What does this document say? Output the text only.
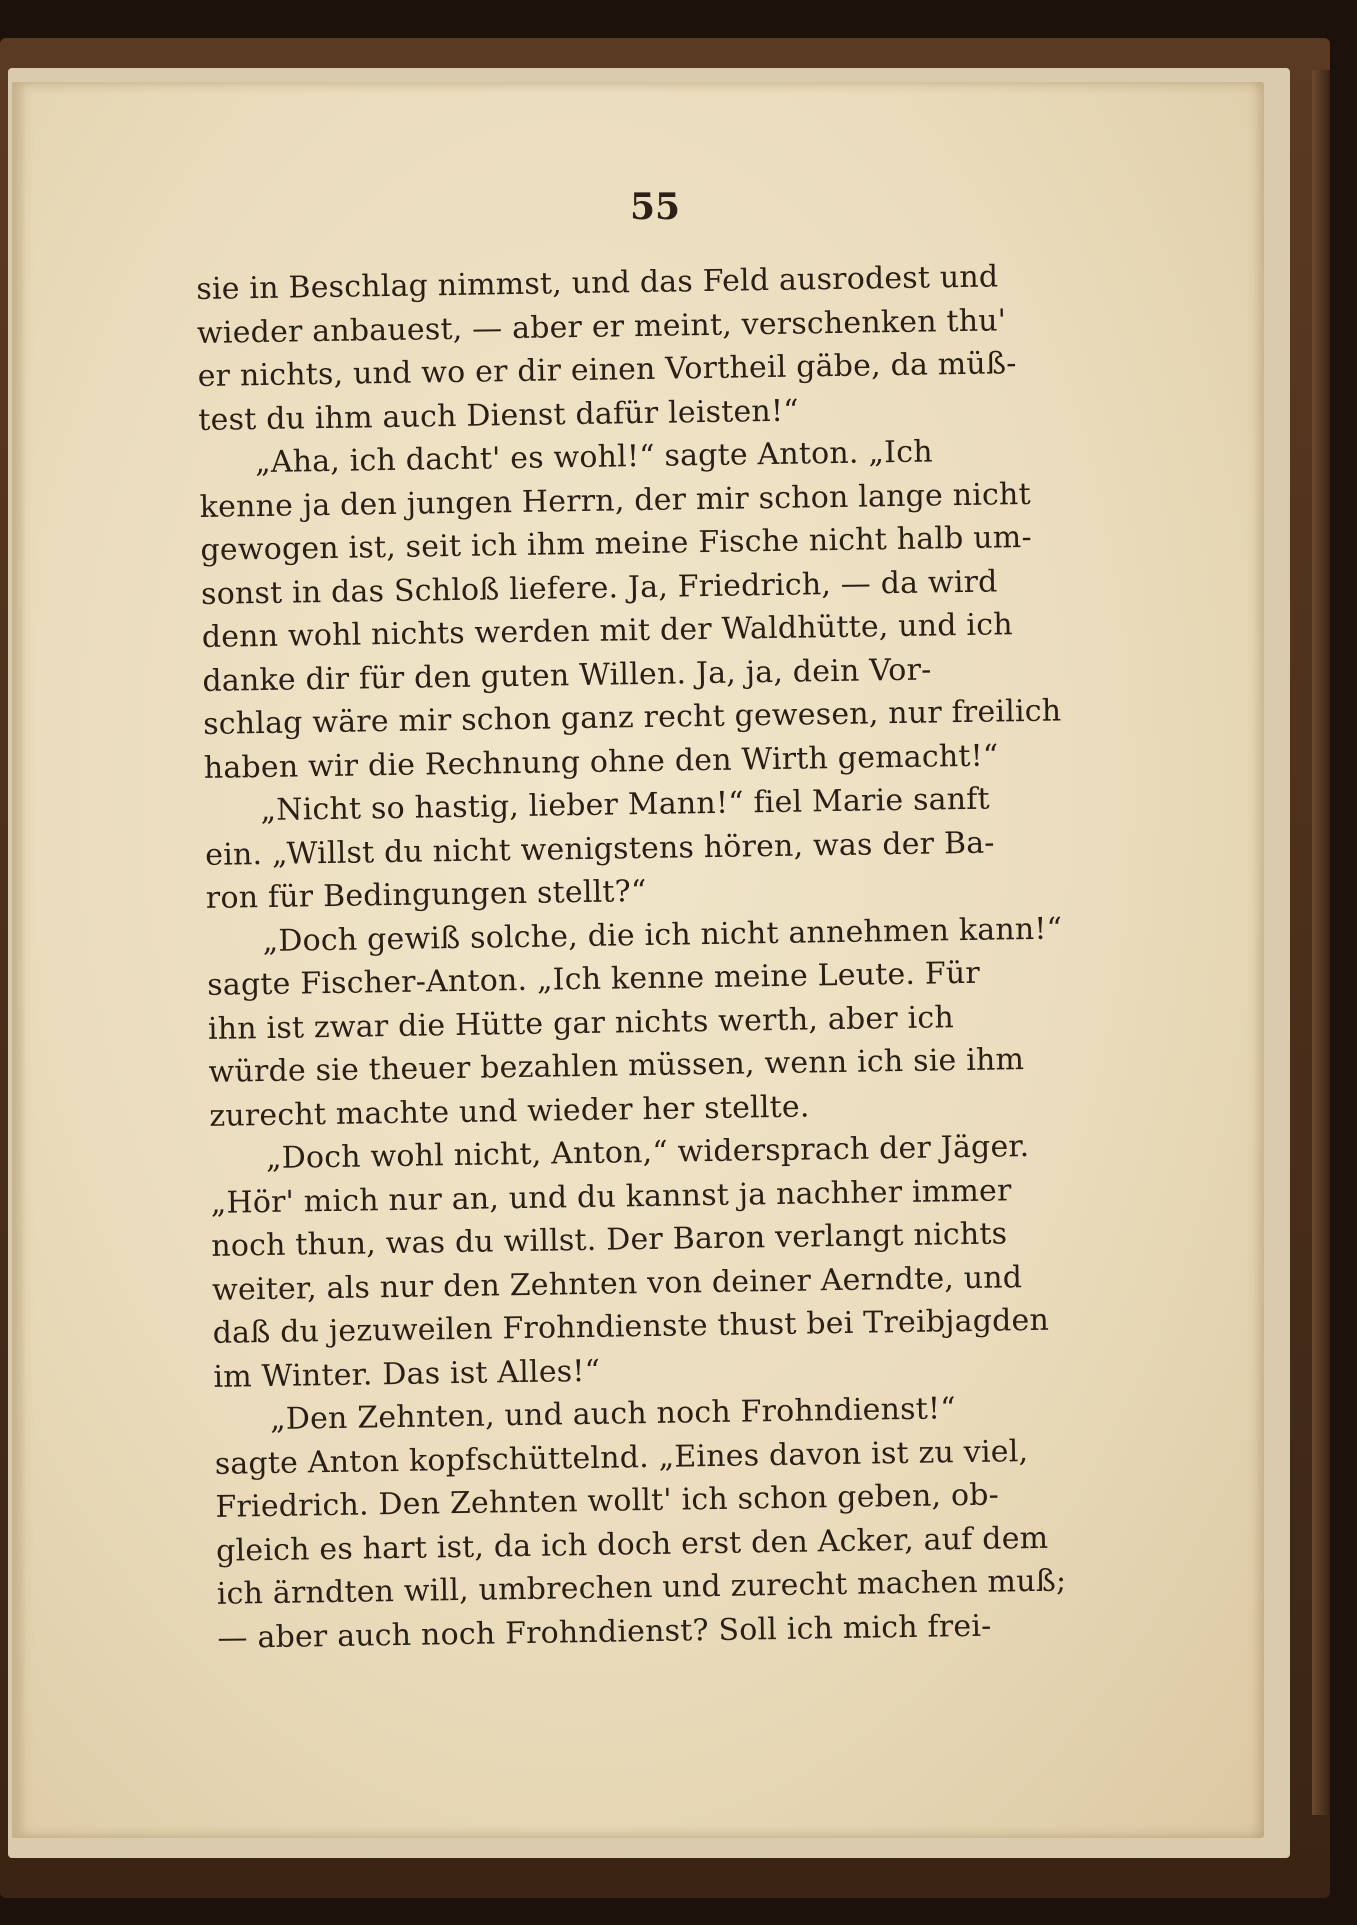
55
sie in Beschlag nimmst, und das Feld ausrodest und
wieder anbauest, — aber er meint, verschenken thu'
er nichts, und wo er dir einen Vortheil gäbe, da müß-
test du ihm auch Dienst dafür leisten!“
„Aha, ich dacht' es wohl!“ sagte Anton. „Ich
kenne ja den jungen Herrn, der mir schon lange nicht
gewogen ist, seit ich ihm meine Fische nicht halb um-
sonst in das Schloß liefere. Ja, Friedrich, — da wird
denn wohl nichts werden mit der Waldhütte, und ich
danke dir für den guten Willen. Ja, ja, dein Vor-
schlag wäre mir schon ganz recht gewesen, nur freilich
haben wir die Rechnung ohne den Wirth gemacht!“
„Nicht so hastig, lieber Mann!“ fiel Marie sanft
ein. „Willst du nicht wenigstens hören, was der Ba-
ron für Bedingungen stellt?“
„Doch gewiß solche, die ich nicht annehmen kann!“
sagte Fischer-Anton. „Ich kenne meine Leute. Für
ihn ist zwar die Hütte gar nichts werth, aber ich
würde sie theuer bezahlen müssen, wenn ich sie ihm
zurecht machte und wieder her stellte.
„Doch wohl nicht, Anton,“ widersprach der Jäger.
„Hör' mich nur an, und du kannst ja nachher immer
noch thun, was du willst. Der Baron verlangt nichts
weiter, als nur den Zehnten von deiner Aerndte, und
daß du jezuweilen Frohndienste thust bei Treibjagden
im Winter. Das ist Alles!“
„Den Zehnten, und auch noch Frohndienst!“
sagte Anton kopfschüttelnd. „Eines davon ist zu viel,
Friedrich. Den Zehnten wollt' ich schon geben, ob-
gleich es hart ist, da ich doch erst den Acker, auf dem
ich ärndten will, umbrechen und zurecht machen muß;
— aber auch noch Frohndienst? Soll ich mich frei-
